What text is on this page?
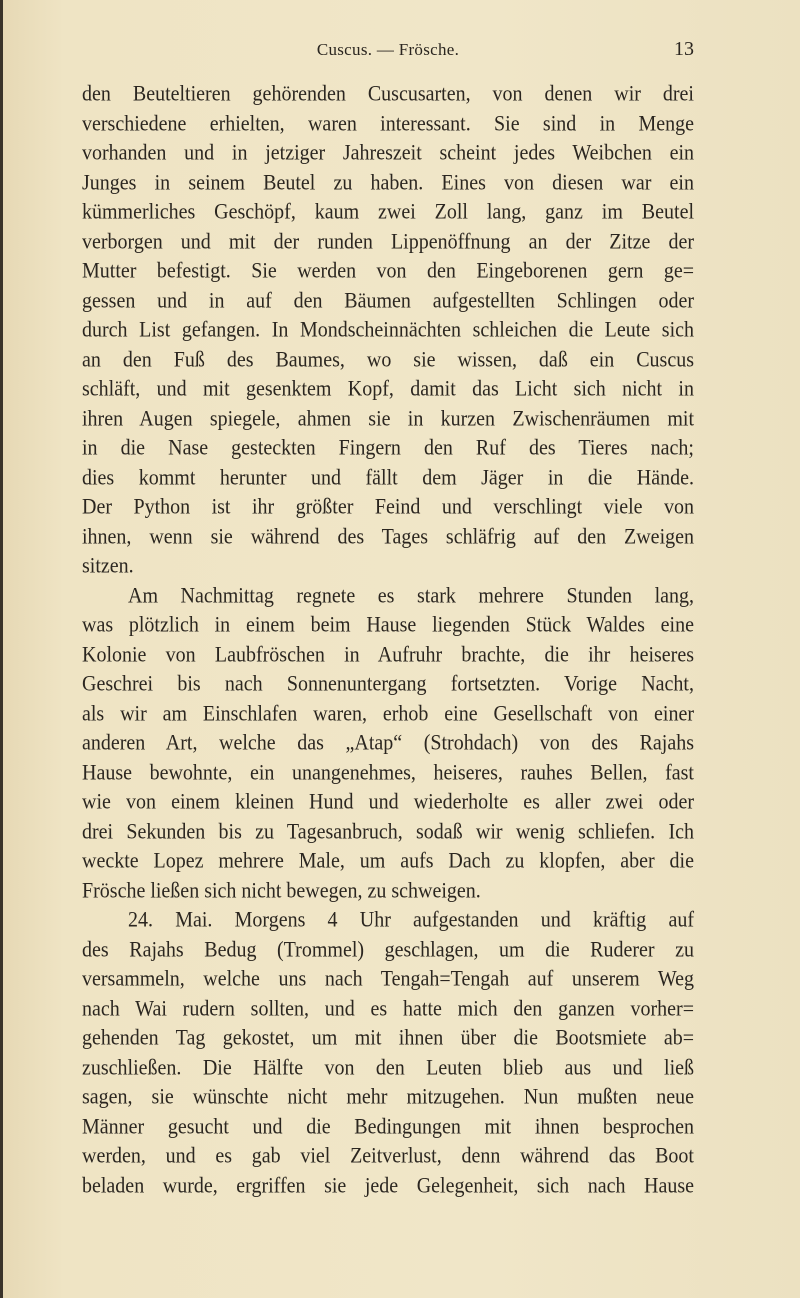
Cuscus. — Frösche.	13
den Beuteltieren gehörenden Cuscusarten, von denen wir drei
verschiedene erhielten, waren interessant. Sie sind in Menge
vorhanden und in jetziger Jahreszeit scheint jedes Weibchen ein
Junges in seinem Beutel zu haben. Eines von diesen war ein
kümmerliches Geschöpf, kaum zwei Zoll lang, ganz im Beutel
verborgen und mit der runden Lippenöffnung an der Zitze der
Mutter befestigt. Sie werden von den Eingeborenen gern ge=
gessen und in auf den Bäumen aufgestellten Schlingen oder
durch List gefangen. In Mondscheinnächten schleichen die Leute sich
an den Fuß des Baumes, wo sie wissen, daß ein Cuscus
schläft, und mit gesenktem Kopf, damit das Licht sich nicht in
ihren Augen spiegele, ahmen sie in kurzen Zwischenräumen mit
in die Nase gesteckten Fingern den Ruf des Tieres nach;
dies kommt herunter und fällt dem Jäger in die Hände.
Der Python ist ihr größter Feind und verschlingt viele von
ihnen, wenn sie während des Tages schläfrig auf den Zweigen
sitzen.
Am Nachmittag regnete es stark mehrere Stunden lang,
was plötzlich in einem beim Hause liegenden Stück Waldes eine
Kolonie von Laubfröschen in Aufruhr brachte, die ihr heiseres
Geschrei bis nach Sonnenuntergang fortsetzten. Vorige Nacht,
als wir am Einschlafen waren, erhob eine Gesellschaft von einer
anderen Art, welche das „Atap“ (Strohdach) von des Rajahs
Hause bewohnte, ein unangenehmes, heiseres, rauhes Bellen, fast
wie von einem kleinen Hund und wiederholte es aller zwei oder
drei Sekunden bis zu Tagesanbruch, sodaß wir wenig schliefen. Ich
weckte Lopez mehrere Male, um aufs Dach zu klopfen, aber die
Frösche ließen sich nicht bewegen, zu schweigen.
24. Mai. Morgens 4 Uhr aufgestanden und kräftig auf
des Rajahs Bedug (Trommel) geschlagen, um die Ruderer zu
versammeln, welche uns nach Tengah=Tengah auf unserem Weg
nach Wai rudern sollten, und es hatte mich den ganzen vorher=
gehenden Tag gekostet, um mit ihnen über die Bootsmiete ab=
zuschließen. Die Hälfte von den Leuten blieb aus und ließ
sagen, sie wünschte nicht mehr mitzugehen. Nun mußten neue
Männer gesucht und die Bedingungen mit ihnen besprochen
werden, und es gab viel Zeitverlust, denn während das Boot
beladen wurde, ergriffen sie jede Gelegenheit, sich nach Hause
